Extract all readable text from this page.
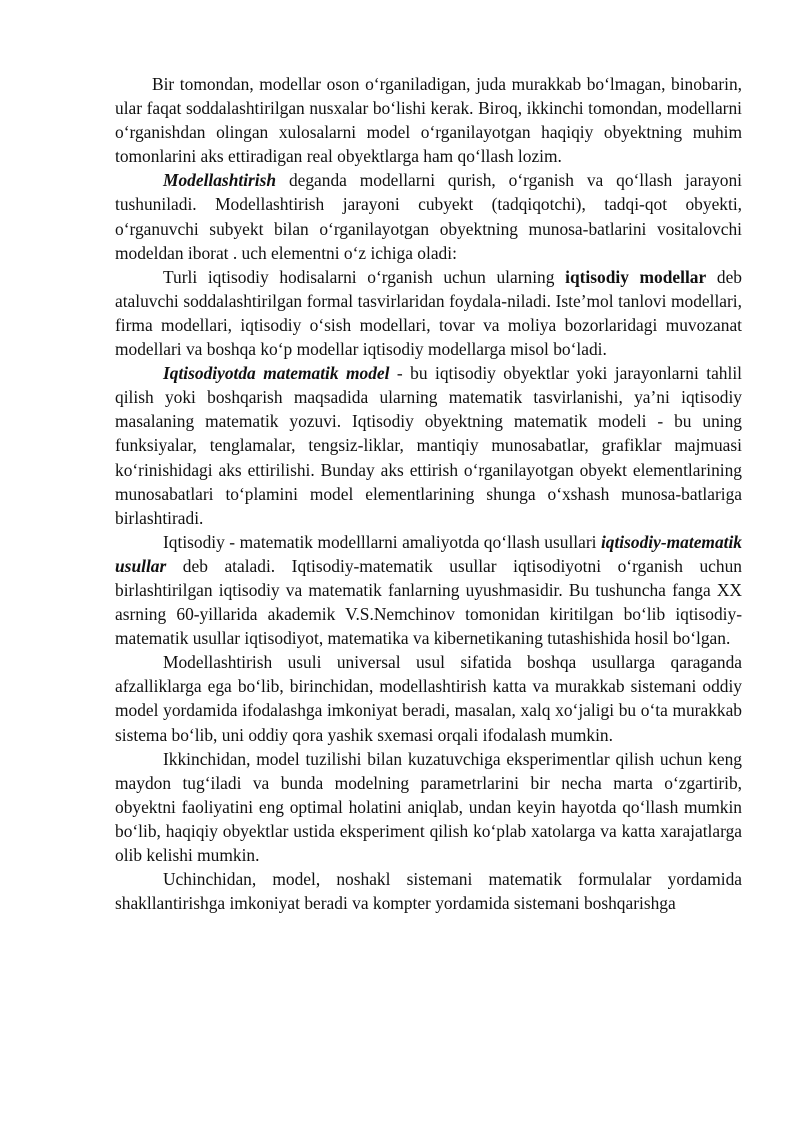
Bir tomondan, modellar oson o‘rganiladigan, juda murakkab bo‘lmagan, binobarin, ular faqat soddalashtirilgan nusxalar bo‘lishi kerak. Biroq, ikkinchi tomondan, modellarni o‘rganishdan olingan xulosalarni model o‘rganilayotgan haqiqiy obyektning muhim tomonlarini aks ettiradigan real obyektlarga ham qo‘llash lozim.

Modellashtirish deganda modellarni qurish, o‘rganish va qo‘llash jarayoni tushuniladi. Modellashtirish jarayoni cubyekt (tadqiqotchi), tadqi-qot obyekti, o‘rganuvchi subyekt bilan o‘rganilayotgan obyektning munosa-batlarini vositalovchi modeldan iborat . uch elementni o‘z ichiga oladi:

Turli iqtisodiy hodisalarni o‘rganish uchun ularning iqtisodiy modellar deb ataluvchi soddalashtirilgan formal tasvirlaridan foydala-niladi. Iste’mol tanlovi modellari, firma modellari, iqtisodiy o‘sish modellari, tovar va moliya bozorlaridagi muvozanat modellari va boshqa ko‘p modellar iqtisodiy modellarga misol bo‘ladi.

Iqtisodiyotda matematik model - bu iqtisodiy obyektlar yoki jarayonlarni tahlil qilish yoki boshqarish maqsadida ularning matematik tasvirlanishi, ya’ni iqtisodiy masalaning matematik yozuvi. Iqtisodiy obyektning matematik modeli - bu uning funksiyalar, tenglamalar, tengsiz-liklar, mantiqiy munosabatlar, grafiklar majmuasi ko‘rinishidagi aks ettirilishi. Bunday aks ettirish o‘rganilayotgan obyekt elementlarining munosabatlari to‘plamini model elementlarining shunga o‘xshash munosa-batlariga birlashtiradi.

Iqtisodiy - matematik modelllarni amaliyotda qo‘llash usullari iqtisodiy-matematik usullar deb ataladi. Iqtisodiy-matematik usullar iqtisodiyotni o‘rganish uchun birlashtirilgan iqtisodiy va matematik fanlarning uyushmasidir. Bu tushuncha fanga XX asrning 60-yillarida akademik V.S.Nemchinov tomonidan kiritilgan bo‘lib iqtisodiy-matematik usullar iqtisodiyot, matematika va kibernetikaning tutashishida hosil bo‘lgan.

Modellashtirish usuli universal usul sifatida boshqa usullarga qaraganda afzalliklarga ega bo‘lib, birinchidan, modellashtirish katta va murakkab sistemani oddiy model yordamida ifodalashga imkoniyat beradi, masalan, xalq xo‘jaligi bu o‘ta murakkab sistema bo‘lib, uni oddiy qora yashik sxemasi orqali ifodalash mumkin.

Ikkinchidan, model tuzilishi bilan kuzatuvchiga eksperimentlar qilish uchun keng maydon tug‘iladi va bunda modelning parametrlarini bir necha marta o‘zgartirib, obyektni faoliyatini eng optimal holatini aniqlab, undan keyin hayotda qo‘llash mumkin bo‘lib, haqiqiy obyektlar ustida eksperiment qilish ko‘plab xatolarga va katta xarajatlarga olib kelishi mumkin.

Uchinchidan, model, noshakl sistemani matematik formulalar yordamida shakllantirishga imkoniyat beradi va kompter yordamida sistemani boshqarishga
